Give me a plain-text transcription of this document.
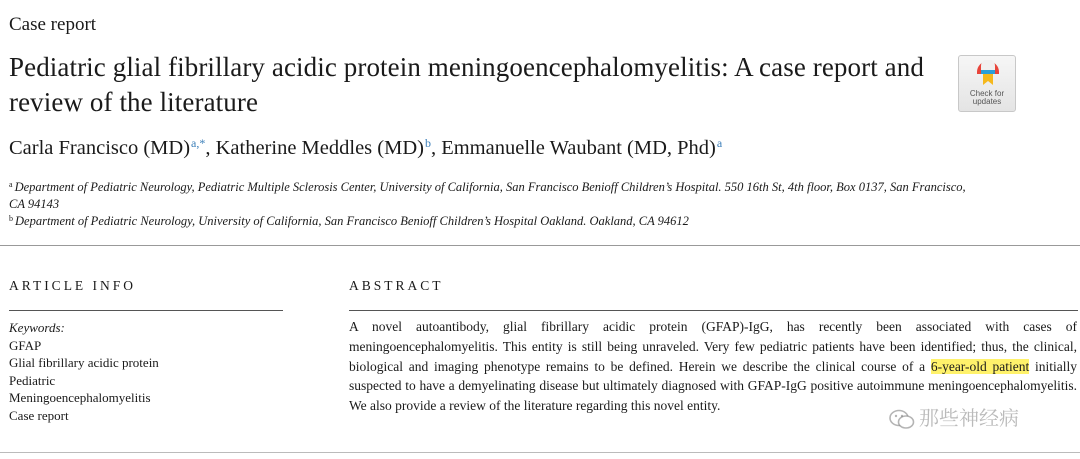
Case report
Pediatric glial fibrillary acidic protein meningoencephalomyelitis: A case report and review of the literature	Check for
updates
Carla Francisco (MD)$^{a,*}$, Katherine Meddles (MD)$^b$, Emmanuelle Waubant (MD, Phd)$^a$
$^a$ Department of Pediatric Neurology, Pediatric Multiple Sclerosis Center, University of California, San Francisco Benioff Children’s Hospital. 550 16th St, 4th floor, Box 0137, San Francisco, CA 94143
$^b$ Department of Pediatric Neurology, University of California, San Francisco Benioff Children’s Hospital Oakland. Oakland, CA 94612
ARTICLE INFO	ABSTRACT
Keywords:
GFAP
Glial fibrillary acidic protein
Pediatric
Meningoencephalomyelitis
Case report
A novel autoantibody, glial fibrillary acidic protein (GFAP)-IgG, has recently been associated with cases of meningoencephalomyelitis. This entity is still being unraveled. Very few pediatric patients have been identified; thus, the clinical, biological and imaging phenotype remains to be defined. Herein we describe the clinical course of a 6-year-old patient initially suspected to have a demyelinating disease but ultimately diagnosed with GFAP-IgG positive autoimmune meningoencephalomyelitis. We also provide a review of the literature regarding this novel entity.
那些神经病
